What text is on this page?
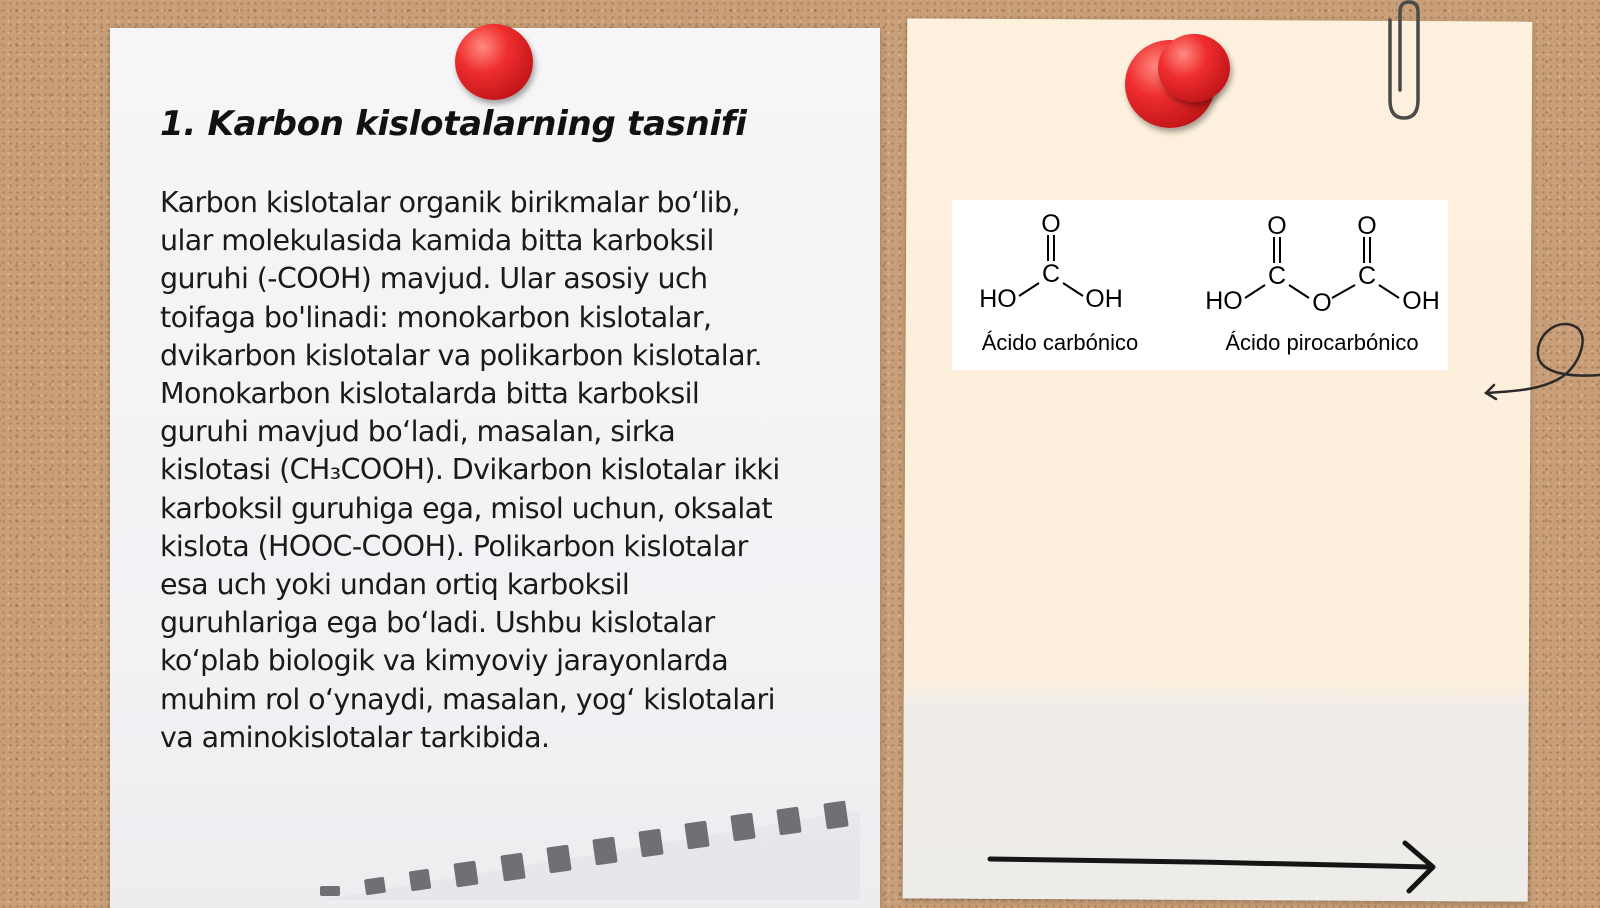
1. Karbon kislotalarning tasnifi

Karbon kislotalar organik birikmalar bo‘lib,
ular molekulasida kamida bitta karboksil
guruhi (-COOH) mavjud. Ular asosiy uch
toifaga bo'linadi: monokarbon kislotalar,
dvikarbon kislotalar va polikarbon kislotalar.
Monokarbon kislotalarda bitta karboksil
guruhi mavjud bo‘ladi, masalan, sirka
kislotasi (CH₃COOH). Dvikarbon kislotalar ikki
karboksil guruhiga ega, misol uchun, oksalat
kislota (HOOC-COOH). Polikarbon kislotalar
esa uch yoki undan ortiq karboksil
guruhlariga ega bo‘ladi. Ushbu kislotalar
ko‘plab biologik va kimyoviy jarayonlarda
muhim rol o‘ynaydi, masalan, yog‘ kislotalari
va aminokislotalar tarkibida.

O
C
HO	OH
Ácido carbónico
O	O
C	C
O
HO	OH
Ácido pirocarbónico
